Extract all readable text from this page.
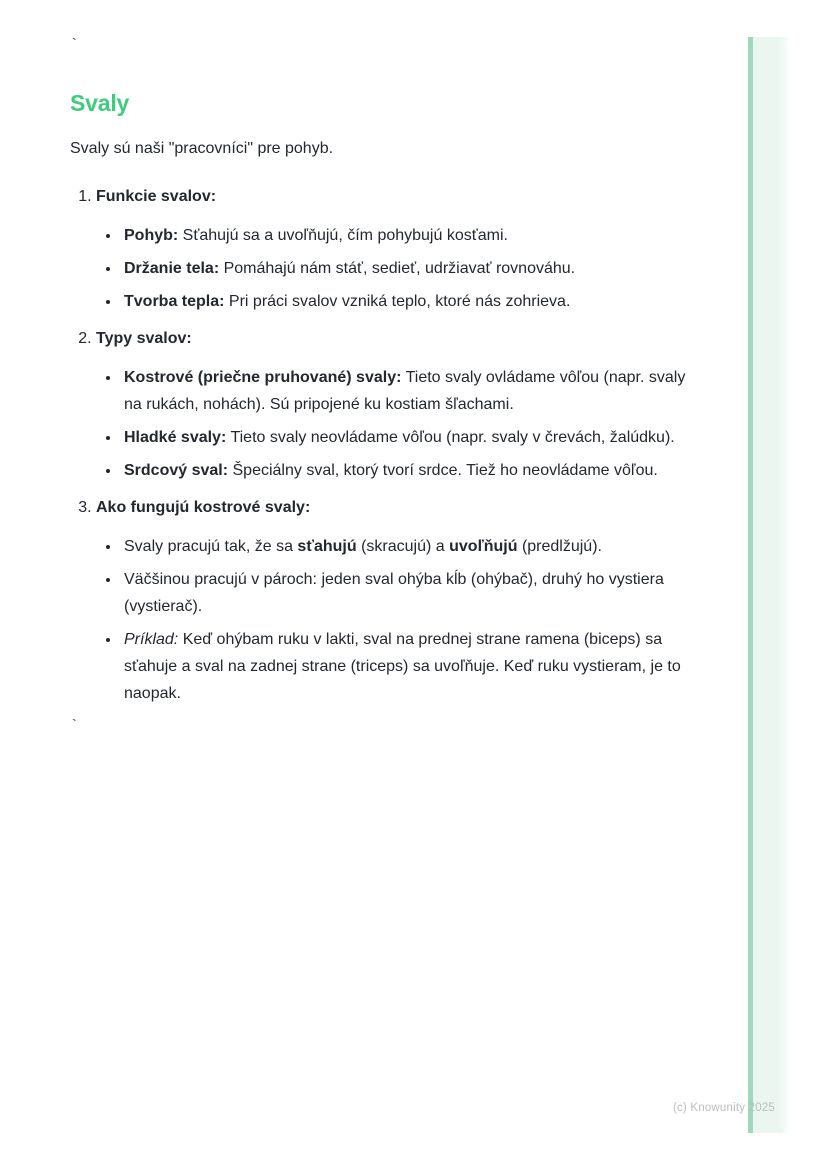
`
Svaly

Svaly sú naši "pracovníci" pre pohyb.

1. Funkcie svalov:
• Pohyb: Sťahujú sa a uvoľňujú, čím pohybujú kosťami.
• Držanie tela: Pomáhajú nám stáť, sedieť, udržiavať rovnováhu.
• Tvorba tepla: Pri práci svalov vzniká teplo, ktoré nás zohrieva.
2. Typy svalov:
• Kostrové (priečne pruhované) svaly: Tieto svaly ovládame vôľou (napr. svaly na rukách, nohách). Sú pripojené ku kostiam šľachami.
• Hladké svaly: Tieto svaly neovládame vôľou (napr. svaly v črevách, žalúdku).
• Srdcový sval: Špeciálny sval, ktorý tvorí srdce. Tiež ho neovládame vôľou.
3. Ako fungujú kostrové svaly:
• Svaly pracujú tak, že sa sťahujú (skracujú) a uvoľňujú (predlžujú).
• Väčšinou pracujú v pároch: jeden sval ohýba kĺb (ohýbač), druhý ho vystiera (vystierač).
• Príklad: Keď ohýbam ruku v lakti, sval na prednej strane ramena (biceps) sa sťahuje a sval na zadnej strane (triceps) sa uvoľňuje. Keď ruku vystieram, je to naopak.
`
(c) Knowunity 2025
